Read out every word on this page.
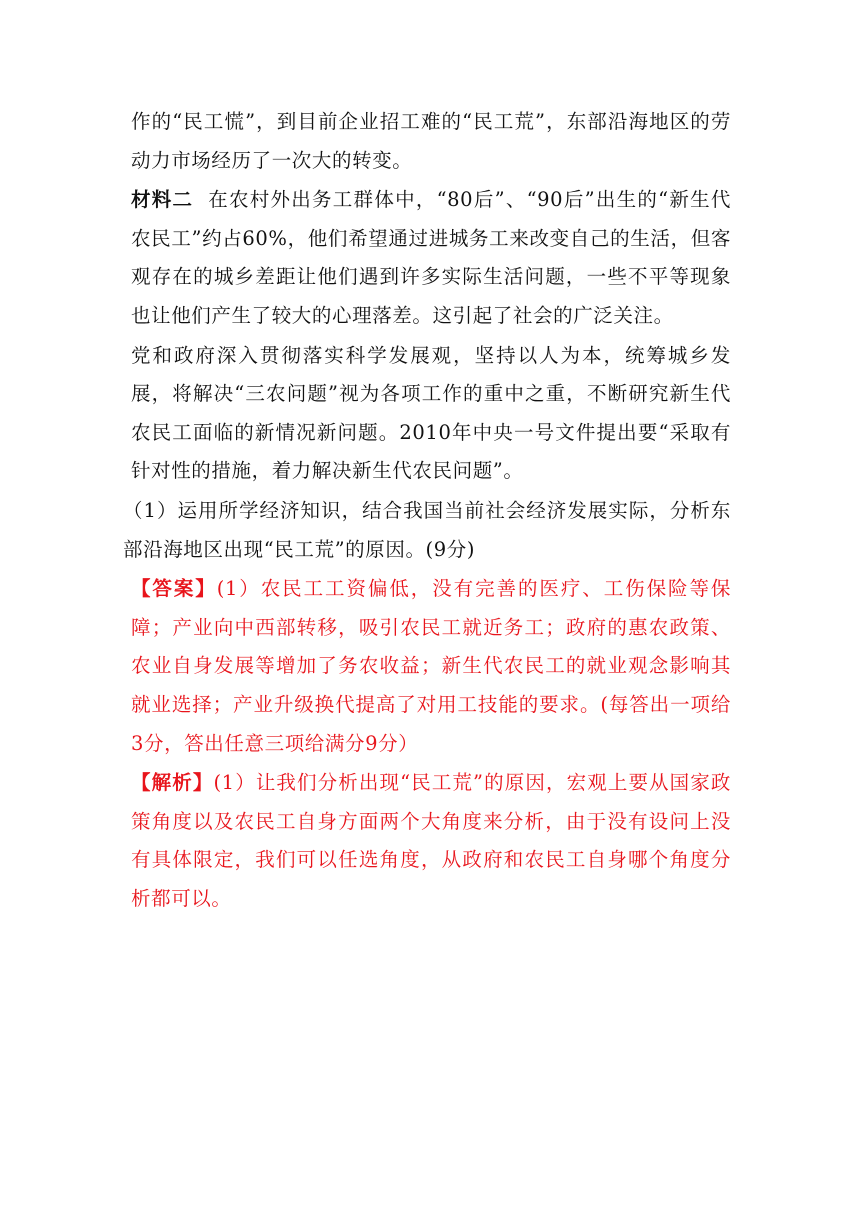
作的“民工慌”，到目前企业招工难的“民工荒”，东部沿海地区的劳动力市场经历了一次大的转变。

材料二 在农村外出务工群体中，“80后”、“90后”出生的“新生代农民工”约占60%，他们希望通过进城务工来改变自己的生活，但客观存在的城乡差距让他们遇到许多实际生活问题，一些不平等现象也让他们产生了较大的心理落差。这引起了社会的广泛关注。

党和政府深入贯彻落实科学发展观，坚持以人为本，统筹城乡发展，将解决“三农问题”视为各项工作的重中之重，不断研究新生代农民工面临的新情况新问题。2010年中央一号文件提出要“采取有针对性的措施，着力解决新生代农民问题”。

（1）运用所学经济知识，结合我国当前社会经济发展实际，分析东部沿海地区出现“民工荒”的原因。(9分)

【答案】(1）农民工工资偏低，没有完善的医疗、工伤保险等保障；产业向中西部转移，吸引农民工就近务工；政府的惠农政策、农业自身发展等增加了务农收益；新生代农民工的就业观念影响其就业选择；产业升级换代提高了对用工技能的要求。(每答出一项给3分，答出任意三项给满分9分）

【解析】(1）让我们分析出现“民工荒”的原因，宏观上要从国家政策角度以及农民工自身方面两个大角度来分析，由于没有设问上没有具体限定，我们可以任选角度，从政府和农民工自身哪个角度分析都可以。
